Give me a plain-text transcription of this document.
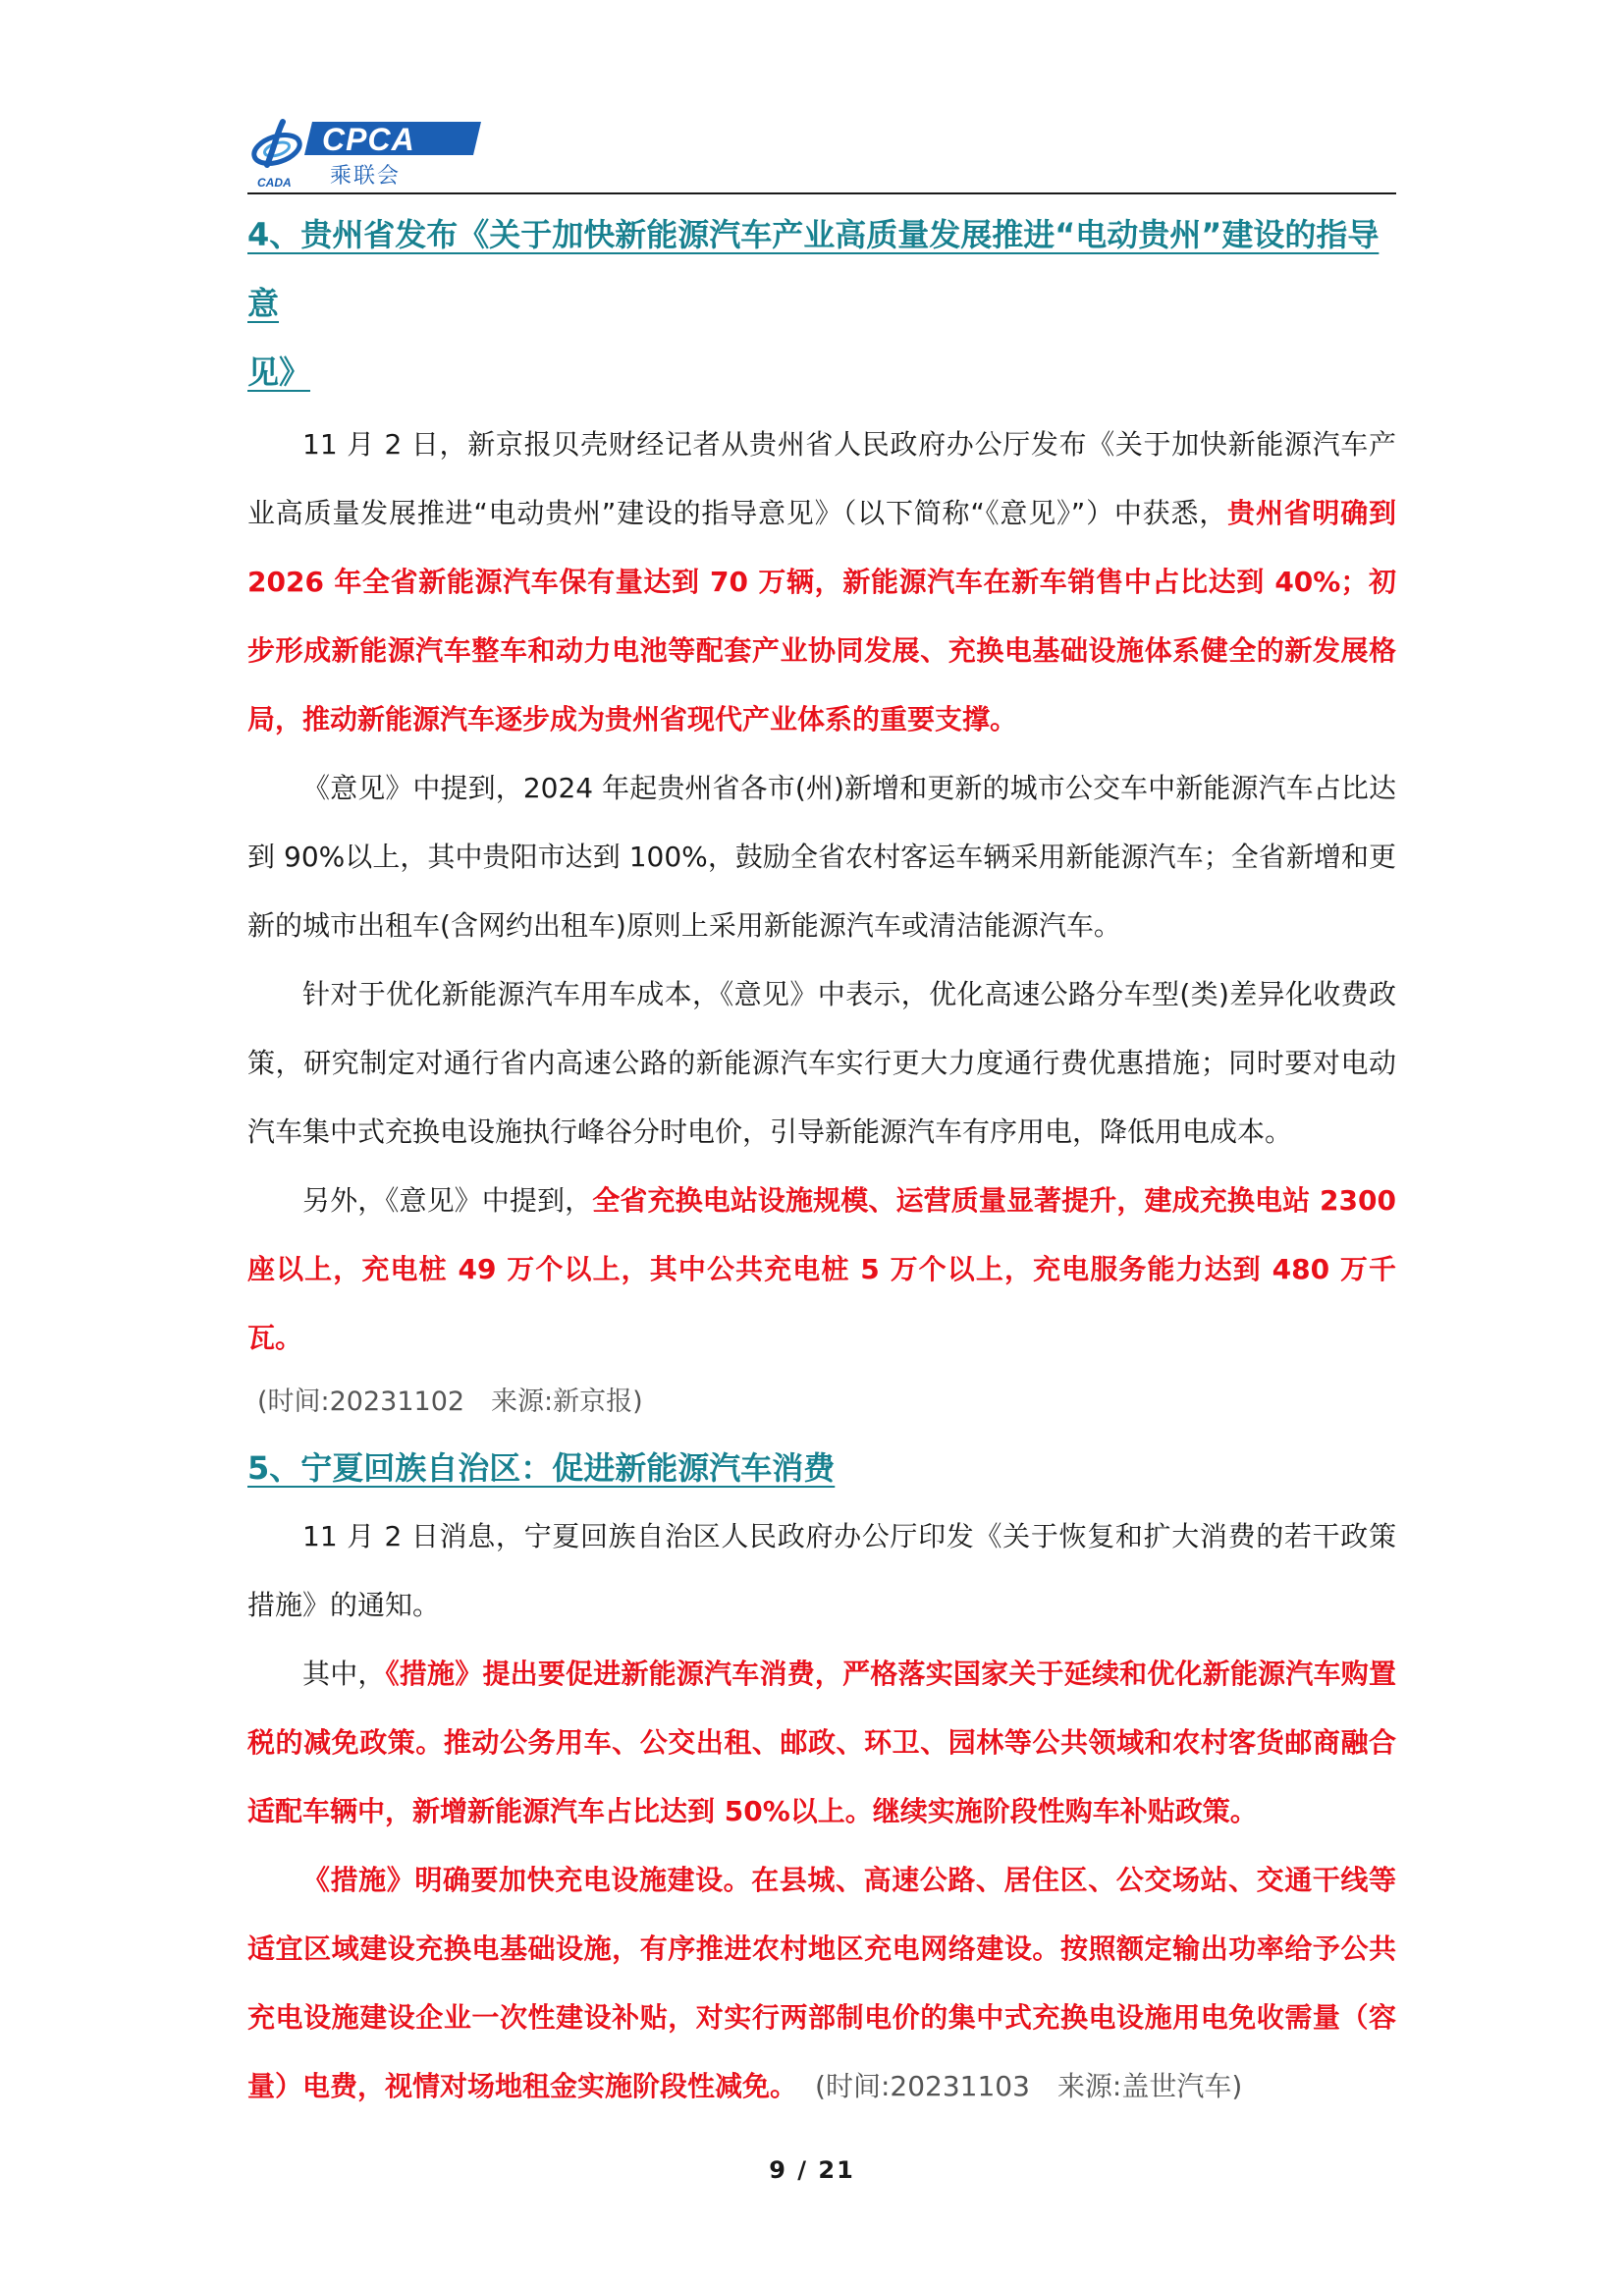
CADA
CPCA
乘联会
4、贵州省发布《关于加快新能源汽车产业高质量发展推进“电动贵州”建设的指导意
见》

11 月 2 日，新京报贝壳财经记者从贵州省人民政府办公厅发布《关于加快新能源汽车产业高质量发展推进“电动贵州”建设的指导意见》（以下简称“《意见》”）中获悉，贵州省明确到 2026 年全省新能源汽车保有量达到 70 万辆，新能源汽车在新车销售中占比达到 40%；初步形成新能源汽车整车和动力电池等配套产业协同发展、充换电基础设施体系健全的新发展格局，推动新能源汽车逐步成为贵州省现代产业体系的重要支撑。

《意见》中提到，2024 年起贵州省各市(州)新增和更新的城市公交车中新能源汽车占比达到 90%以上，其中贵阳市达到 100%，鼓励全省农村客运车辆采用新能源汽车；全省新增和更新的城市出租车(含网约出租车)原则上采用新能源汽车或清洁能源汽车。

针对于优化新能源汽车用车成本，《意见》中表示，优化高速公路分车型(类)差异化收费政策，研究制定对通行省内高速公路的新能源汽车实行更大力度通行费优惠措施；同时要对电动汽车集中式充换电设施执行峰谷分时电价，引导新能源汽车有序用电，降低用电成本。

另外，《意见》中提到，全省充换电站设施规模、运营质量显著提升，建成充换电站 2300 座以上，充电桩 49 万个以上，其中公共充电桩 5 万个以上，充电服务能力达到 480 万千瓦。

(时间:20231102　来源:新京报)

5、宁夏回族自治区：促进新能源汽车消费

11 月 2 日消息，宁夏回族自治区人民政府办公厅印发《关于恢复和扩大消费的若干政策措施》的通知。

其中，《措施》提出要促进新能源汽车消费，严格落实国家关于延续和优化新能源汽车购置税的减免政策。推动公务用车、公交出租、邮政、环卫、园林等公共领域和农村客货邮商融合适配车辆中，新增新能源汽车占比达到 50%以上。继续实施阶段性购车补贴政策。

《措施》明确要加快充电设施建设。在县城、高速公路、居住区、公交场站、交通干线等适宜区域建设充换电基础设施，有序推进农村地区充电网络建设。按照额定输出功率给予公共充电设施建设企业一次性建设补贴，对实行两部制电价的集中式充换电设施用电免收需量（容量）电费，视情对场地租金实施阶段性减免。 (时间:20231103　来源:盖世汽车)

9 / 21
